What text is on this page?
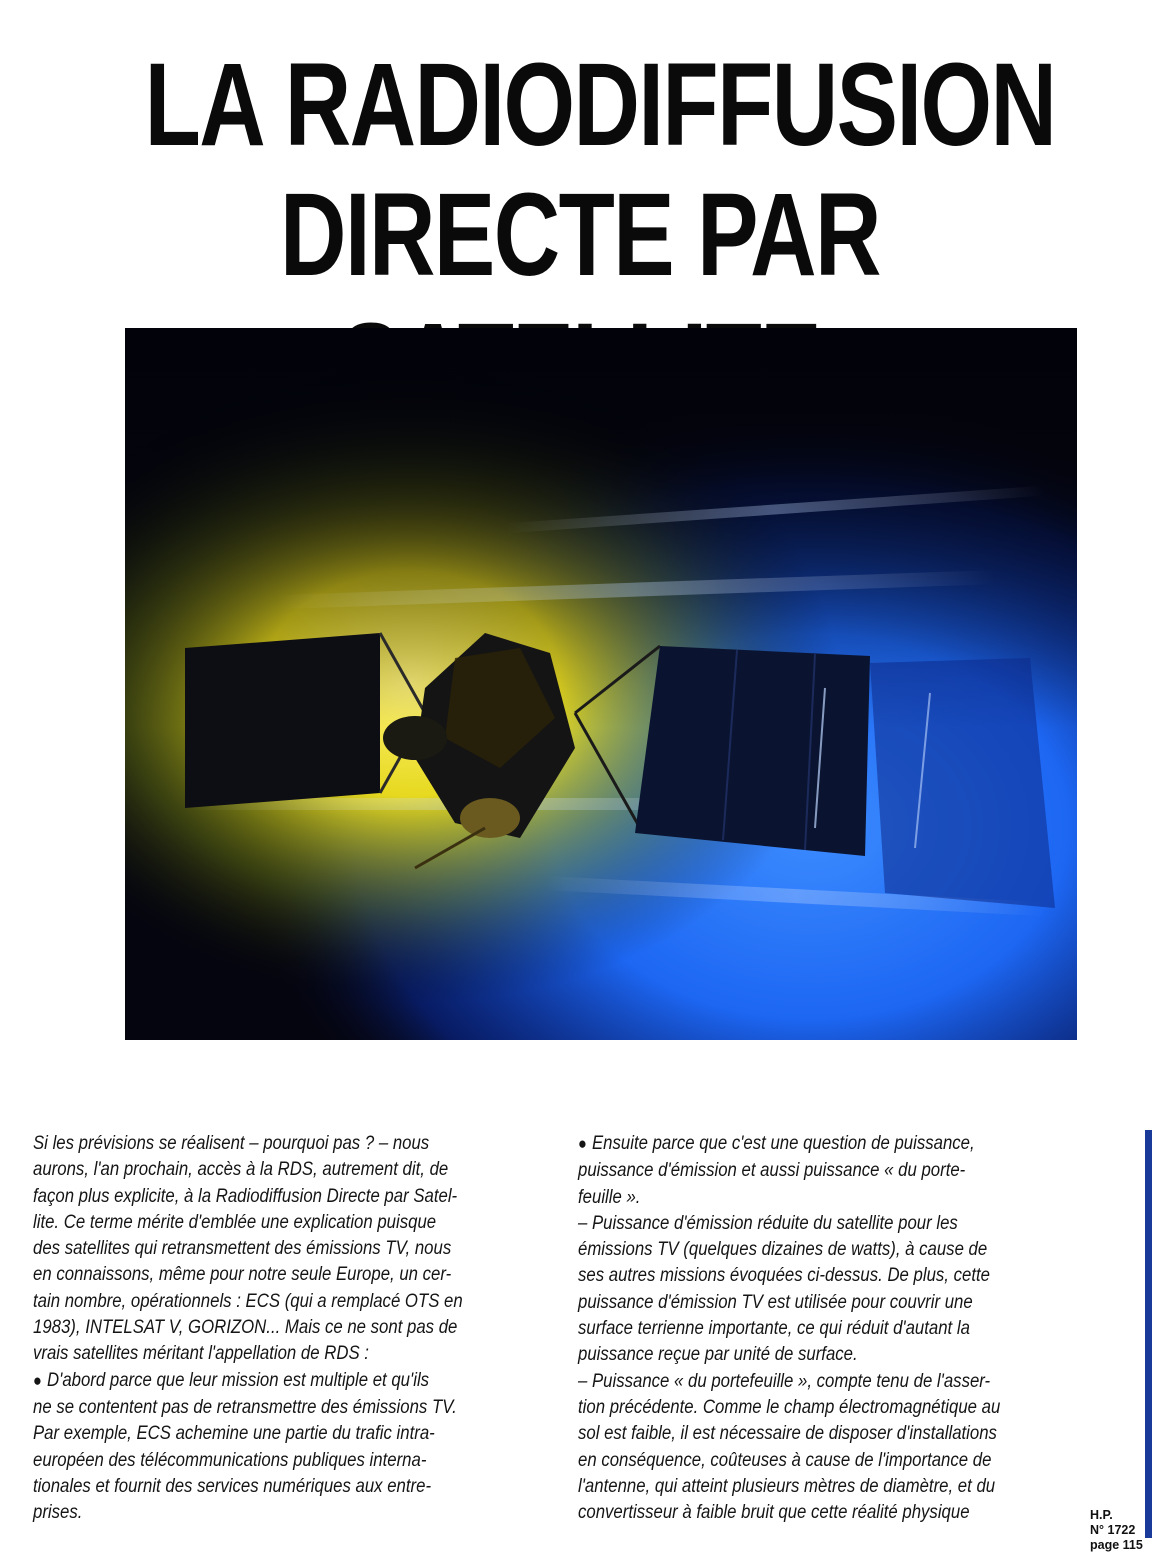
LA RADIODIFFUSION
DIRECTE PAR

Si les prévisions se réalisent – pourquoi pas ? – nous

aurons, l'an prochain, accès à la RDS, autrement dit, de

façon plus explicite, à la Radiodiffusion Directe par Satel-

lite. Ce terme mérite d'emblée une explication puisque

des satellites qui retransmettent des émissions TV, nous

en connaissons, même pour notre seule Europe, un cer-

tain nombre, opérationnels : ECS (qui a remplacé OTS en

1983), INTELSAT V, GORIZON... Mais ce ne sont pas de

vrais satellites méritant l'appellation de RDS :

● D'abord parce que leur mission est multiple et qu'ils

ne se contentent pas de retransmettre des émissions TV.

Par exemple, ECS achemine une partie du trafic intra-

européen des télécommunications publiques interna-

tionales et fournit des services numériques aux entre-

prises.

● Ensuite parce que c'est une question de puissance,

puissance d'émission et aussi puissance « du porte-

feuille ».

– Puissance d'émission réduite du satellite pour les

émissions TV (quelques dizaines de watts), à cause de

ses autres missions évoquées ci-dessus. De plus, cette

puissance d'émission TV est utilisée pour couvrir une

surface terrienne importante, ce qui réduit d'autant la

puissance reçue par unité de surface.

– Puissance « du portefeuille », compte tenu de l'asser-

tion précédente. Comme le champ électromagnétique au

sol est faible, il est nécessaire de disposer d'installations

en conséquence, coûteuses à cause de l'importance de

l'antenne, qui atteint plusieurs mètres de diamètre, et du

convertisseur à faible bruit que cette réalité physique	H.P.
N° 1722
page 115
